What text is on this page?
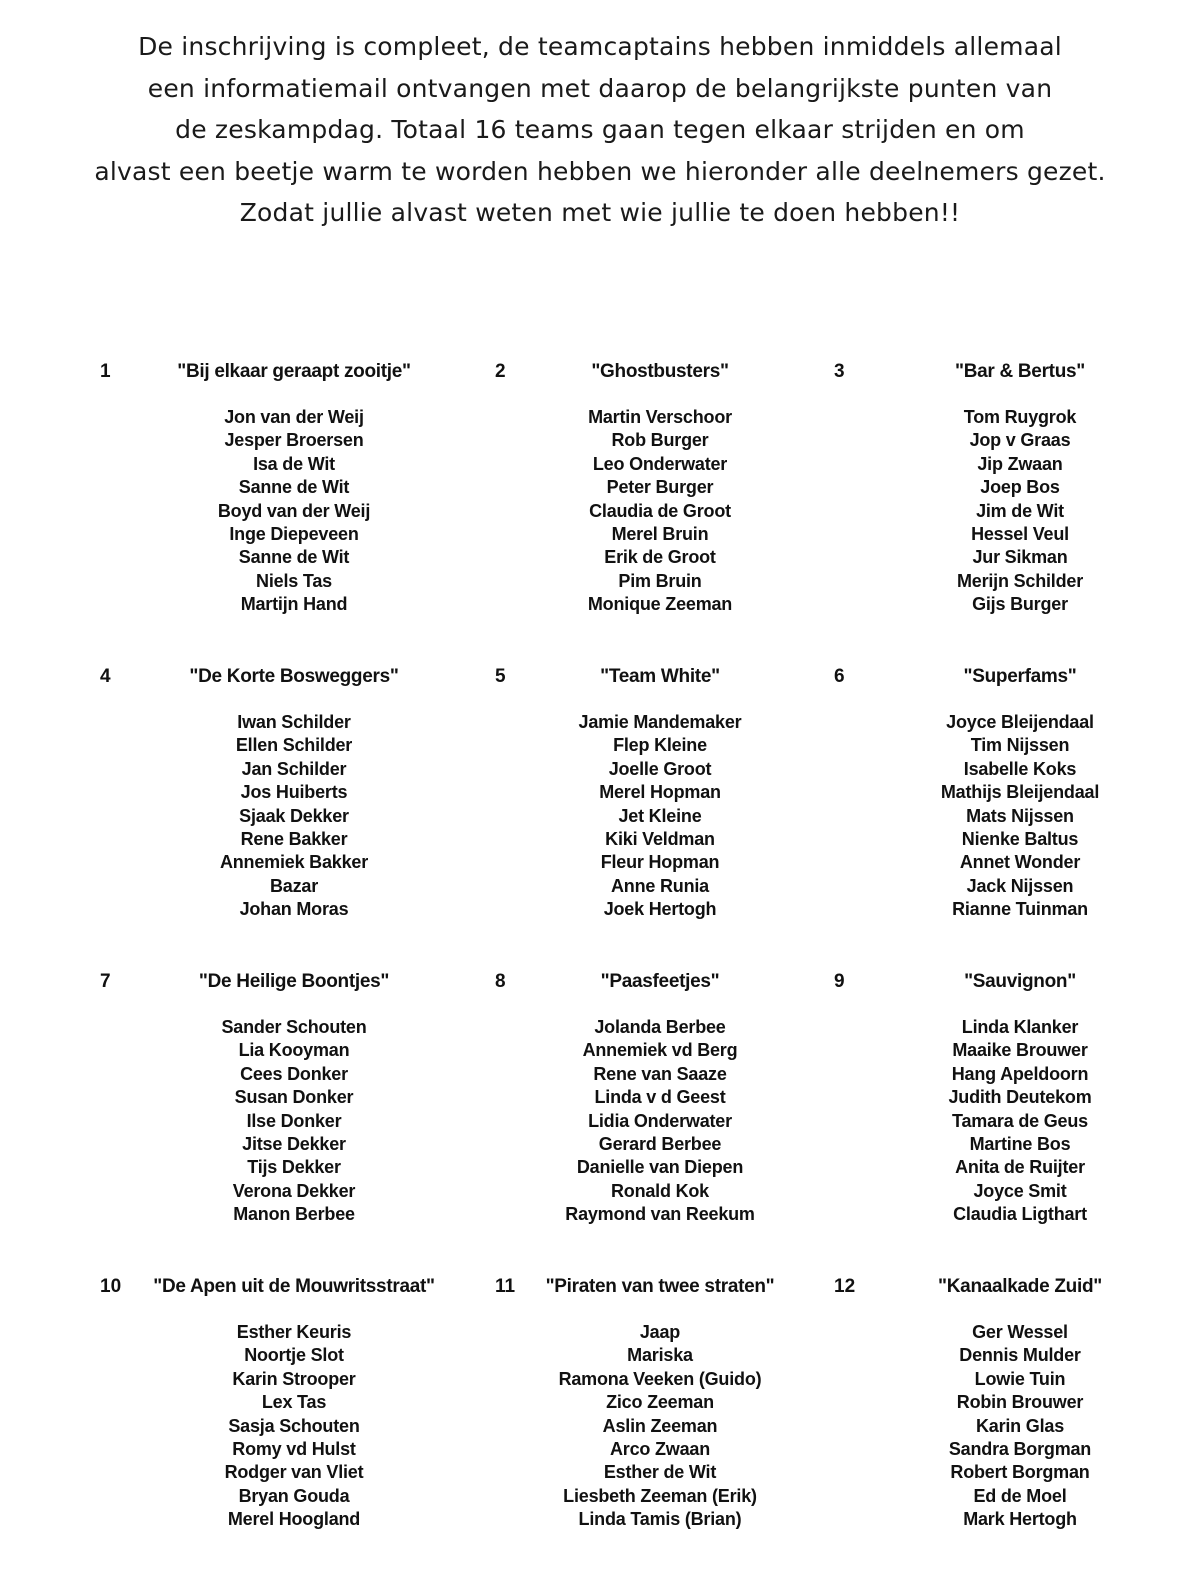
De inschrijving is compleet, de teamcaptains hebben inmiddels allemaal
een informatiemail ontvangen met daarop de belangrijkste punten van
de zeskampdag. Totaal 16 teams gaan tegen elkaar strijden en om
alvast een beetje warm te worden hebben we hieronder alle deelnemers gezet.
Zodat jullie alvast weten met wie jullie te doen hebben!!
1	"Bij elkaar geraapt zooitje"
Jon van der Weij
Jesper Broersen
Isa de Wit
Sanne de Wit
Boyd van der Weij
Inge Diepeveen
Sanne de Wit
Niels Tas
Martijn Hand
2	"Ghostbusters"
Martin Verschoor
Rob Burger
Leo Onderwater
Peter Burger
Claudia de Groot
Merel Bruin
Erik de Groot
Pim Bruin
Monique Zeeman
3	"Bar & Bertus"
Tom Ruygrok
Jop v Graas
Jip Zwaan
Joep Bos
Jim de Wit
Hessel Veul
Jur Sikman
Merijn Schilder
Gijs Burger
4	"De Korte Bosweggers"
Iwan Schilder
Ellen Schilder
Jan Schilder
Jos Huiberts
Sjaak Dekker
Rene Bakker
Annemiek Bakker
Bazar
Johan Moras
5	"Team White"
Jamie Mandemaker
Flep Kleine
Joelle Groot
Merel Hopman
Jet Kleine
Kiki Veldman
Fleur Hopman
Anne Runia
Joek Hertogh
6	"Superfams"
Joyce Bleijendaal
Tim Nijssen
Isabelle Koks
Mathijs Bleijendaal
Mats Nijssen
Nienke Baltus
Annet Wonder
Jack Nijssen
Rianne Tuinman
7	"De Heilige Boontjes"
Sander Schouten
Lia Kooyman
Cees Donker
Susan Donker
Ilse Donker
Jitse Dekker
Tijs Dekker
Verona Dekker
Manon Berbee
8	"Paasfeetjes"
Jolanda Berbee
Annemiek vd Berg
Rene van Saaze
Linda v d Geest
Lidia Onderwater
Gerard Berbee
Danielle van Diepen
Ronald Kok
Raymond van Reekum
9	"Sauvignon"
Linda Klanker
Maaike Brouwer
Hang Apeldoorn
Judith Deutekom
Tamara de Geus
Martine Bos
Anita de Ruijter
Joyce Smit
Claudia Ligthart
10	"De Apen uit de Mouwritsstraat"
Esther Keuris
Noortje Slot
Karin Strooper
Lex Tas
Sasja Schouten
Romy vd Hulst
Rodger van Vliet
Bryan Gouda
Merel Hoogland
11	"Piraten van twee straten"
Jaap
Mariska
Ramona Veeken (Guido)
Zico Zeeman
Aslin Zeeman
Arco Zwaan
Esther de Wit
Liesbeth Zeeman (Erik)
Linda Tamis (Brian)
12	"Kanaalkade Zuid"
Ger Wessel
Dennis Mulder
Lowie Tuin
Robin Brouwer
Karin Glas
Sandra Borgman
Robert Borgman
Ed de Moel
Mark Hertogh
